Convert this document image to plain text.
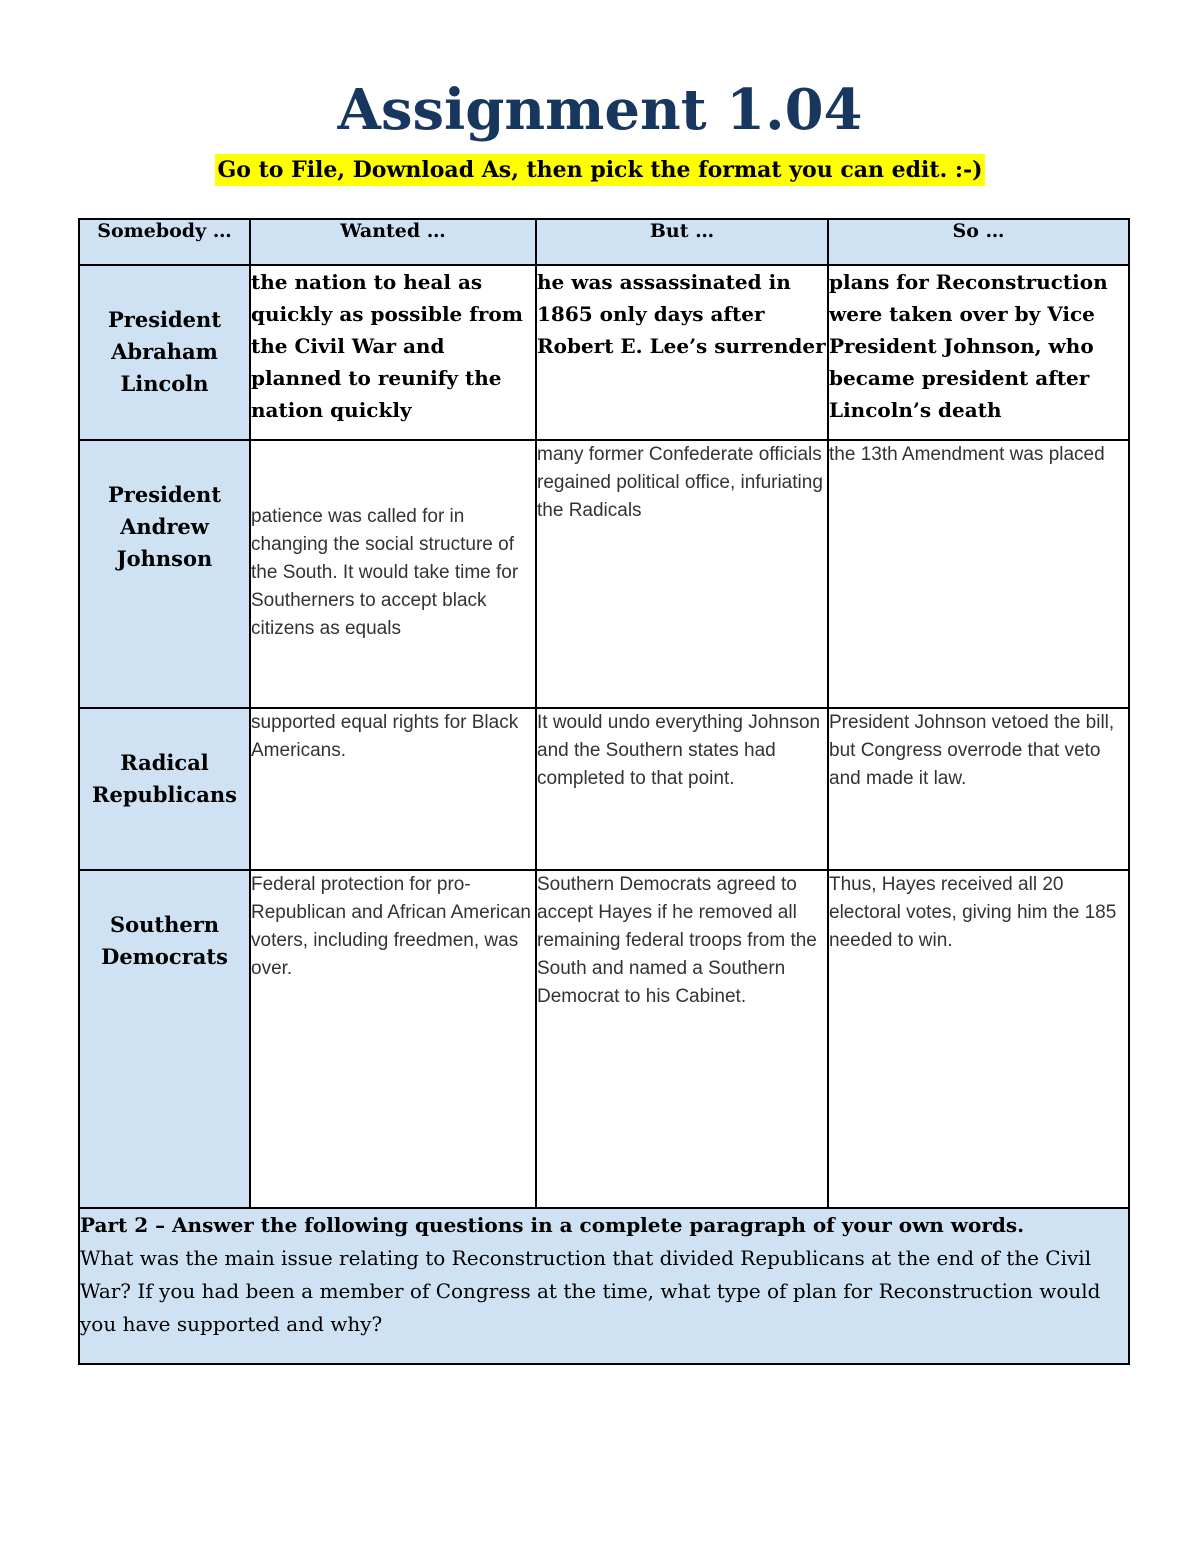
Assignment 1.04
Go to File, Download As, then pick the format you can edit. :-)
Somebody …	Wanted …	But …	So …

President Abraham Lincoln	the nation to heal as quickly as possible from the Civil War and planned to reunify the nation quickly	he was assassinated in 1865 only days after Robert E. Lee’s surrender	plans for Reconstruction were taken over by Vice President Johnson, who became president after Lincoln’s death

President Andrew Johnson	patience was called for in changing the social structure of the South. It would take time for Southerners to accept black citizens as equals	many former Confederate officials regained political office, infuriating the Radicals	the 13th Amendment was placed

Radical Republicans	supported equal rights for Black Americans.	It would undo everything Johnson and the Southern states had completed to that point.	President Johnson vetoed the bill, but Congress overrode that veto and made it law.

Southern Democrats	Federal protection for pro-Republican and African American voters, including freedmen, was over.	Southern Democrats agreed to accept Hayes if he removed all remaining federal troops from the South and named a Southern Democrat to his Cabinet.	Thus, Hayes received all 20 electoral votes, giving him the 185 needed to win.

Part 2 – Answer the following questions in a complete paragraph of your own words.
What was the main issue relating to Reconstruction that divided Republicans at the end of the Civil War? If you had been a member of Congress at the time, what type of plan for Reconstruction would you have supported and why?			
